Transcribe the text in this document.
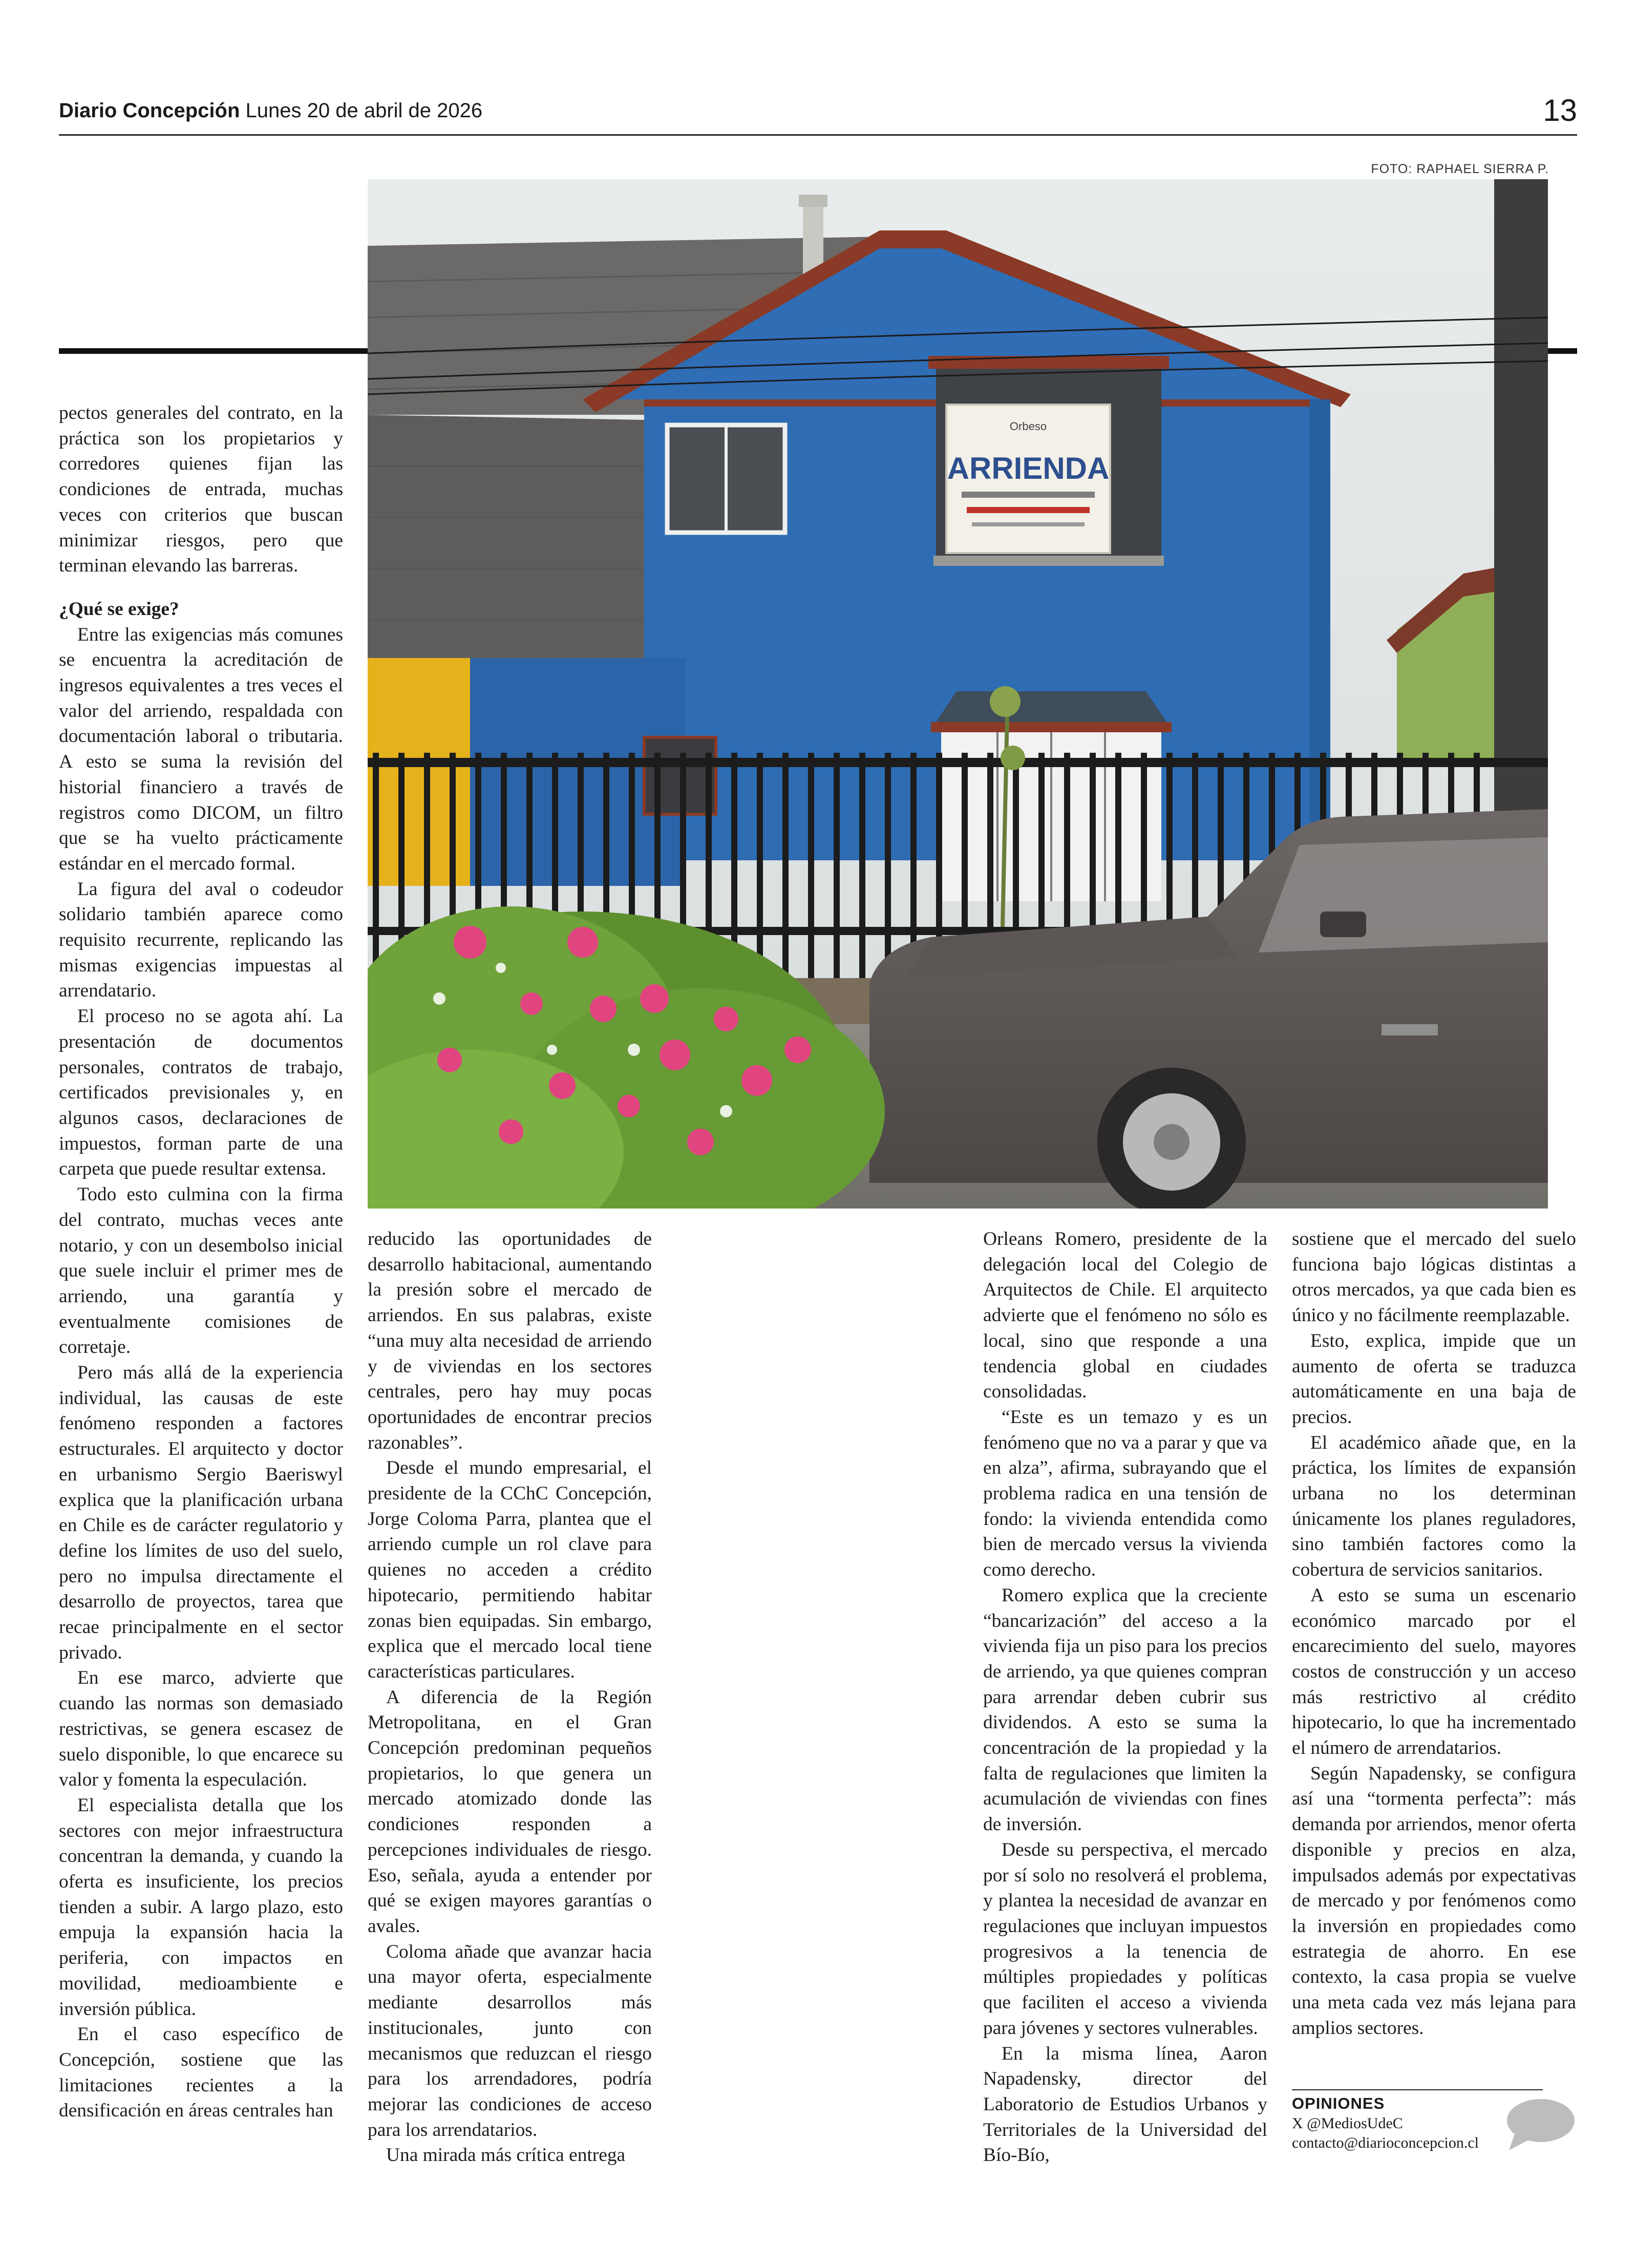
Diario Concepción Lunes 20 de abril de 2026	13
FOTO: RAPHAEL SIERRA P.
Orbeso
ARRIENDA

pectos generales del contrato, en la práctica son los propietarios y corredores quienes fijan las condiciones de entrada, muchas veces con criterios que buscan minimizar riesgos, pero que terminan elevando las barreras.

¿Qué se exige?

Entre las exigencias más comunes se encuentra la acreditación de ingresos equivalentes a tres veces el valor del arriendo, respaldada con documentación laboral o tributaria. A esto se suma la revisión del historial financiero a través de registros como DICOM, un filtro que se ha vuelto prácticamente estándar en el mercado formal.

La figura del aval o codeudor solidario también aparece como requisito recurrente, replicando las mismas exigencias impuestas al arrendatario.

El proceso no se agota ahí. La presentación de documentos personales, contratos de trabajo, certificados previsionales y, en algunos casos, declaraciones de impuestos, forman parte de una carpeta que puede resultar extensa.

Todo esto culmina con la firma del contrato, muchas veces ante notario, y con un desembolso inicial que suele incluir el primer mes de arriendo, una garantía y eventualmente comisiones de corretaje.

Pero más allá de la experiencia individual, las causas de este fenómeno responden a factores estructurales. El arquitecto y doctor en urbanismo Sergio Baeriswyl explica que la planificación urbana en Chile es de carácter regulatorio y define los límites de uso del suelo, pero no impulsa directamente el desarrollo de proyectos, tarea que recae principalmente en el sector privado.

En ese marco, advierte que cuando las normas son demasiado restrictivas, se genera escasez de suelo disponible, lo que encarece su valor y fomenta la especulación.

El especialista detalla que los sectores con mejor infraestructura concentran la demanda, y cuando la oferta es insuficiente, los precios tienden a subir. A largo plazo, esto empuja la expansión hacia la periferia, con impactos en movilidad, medioambiente e inversión pública.

En el caso específico de Concepción, sostiene que las limitaciones recientes a la densificación en áreas centrales han

reducido las oportunidades de desarrollo habitacional, aumentando la presión sobre el mercado de arriendos. En sus palabras, existe “una muy alta necesidad de arriendo y de viviendas en los sectores centrales, pero hay muy pocas oportunidades de encontrar precios razonables”.

Desde el mundo empresarial, el presidente de la CChC Concepción, Jorge Coloma Parra, plantea que el arriendo cumple un rol clave para quienes no acceden a crédito hipotecario, permitiendo habitar zonas bien equipadas. Sin embargo, explica que el mercado local tiene características particulares.

A diferencia de la Región Metropolitana, en el Gran Concepción predominan pequeños propietarios, lo que genera un mercado atomizado donde las condiciones responden a percepciones individuales de riesgo. Eso, señala, ayuda a entender por qué se exigen mayores garantías o avales.

Coloma añade que avanzar hacia una mayor oferta, especialmente mediante desarrollos más institucionales, junto con mecanismos que reduzcan el riesgo para los arrendadores, podría mejorar las condiciones de acceso para los arrendatarios.

Una mirada más crítica entrega

Orleans Romero, presidente de la delegación local del Colegio de Arquitectos de Chile. El arquitecto advierte que el fenómeno no sólo es local, sino que responde a una tendencia global en ciudades consolidadas.

“Este es un temazo y es un fenómeno que no va a parar y que va en alza”, afirma, subrayando que el problema radica en una tensión de fondo: la vivienda entendida como bien de mercado versus la vivienda como derecho.

Romero explica que la creciente “bancarización” del acceso a la vivienda fija un piso para los precios de arriendo, ya que quienes compran para arrendar deben cubrir sus dividendos. A esto se suma la concentración de la propiedad y la falta de regulaciones que limiten la acumulación de viviendas con fines de inversión.

Desde su perspectiva, el mercado por sí solo no resolverá el problema, y plantea la necesidad de avanzar en regulaciones que incluyan impuestos progresivos a la tenencia de múltiples propiedades y políticas que faciliten el acceso a vivienda para jóvenes y sectores vulnerables.

En la misma línea, Aaron Napadensky, director del Laboratorio de Estudios Urbanos y Territoriales de la Universidad del Bío-Bío,

sostiene que el mercado del suelo funciona bajo lógicas distintas a otros mercados, ya que cada bien es único y no fácilmente reemplazable.

Esto, explica, impide que un aumento de oferta se traduzca automáticamente en una baja de precios.

El académico añade que, en la práctica, los límites de expansión urbana no los determinan únicamente los planes reguladores, sino también factores como la cobertura de servicios sanitarios.

A esto se suma un escenario económico marcado por el encarecimiento del suelo, mayores costos de construcción y un acceso más restrictivo al crédito hipotecario, lo que ha incrementado el número de arrendatarios.

Según Napadensky, se configura así una “tormenta perfecta”: más demanda por arriendos, menor oferta disponible y precios en alza, impulsados además por expectativas de mercado y por fenómenos como la inversión en propiedades como estrategia de ahorro. En ese contexto, la casa propia se vuelve una meta cada vez más lejana para amplios sectores.

OPINIONES
X @MediosUdeC
contacto@diarioconcepcion.cl
